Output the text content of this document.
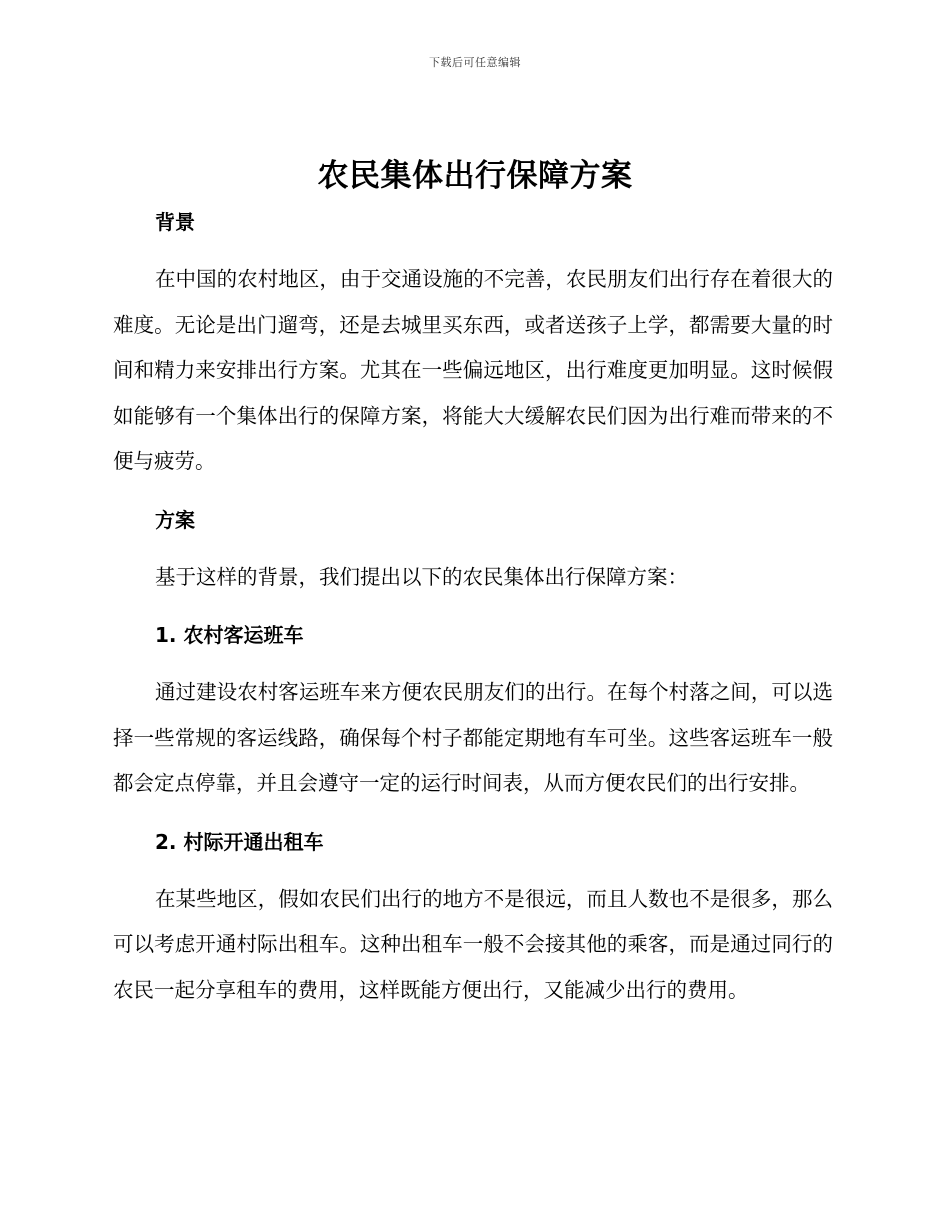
下载后可任意编辑
农民集体出行保障方案
背景

在中国的农村地区，由于交通设施的不完善，农民朋友们出行存在着很大的难度。无论是出门遛弯，还是去城里买东西，或者送孩子上学，都需要大量的时间和精力来安排出行方案。尤其在一些偏远地区，出行难度更加明显。这时候假如能够有一个集体出行的保障方案，将能大大缓解农民们因为出行难而带来的不便与疲劳。

方案

基于这样的背景，我们提出以下的农民集体出行保障方案：

1. 农村客运班车

通过建设农村客运班车来方便农民朋友们的出行。在每个村落之间，可以选择一些常规的客运线路，确保每个村子都能定期地有车可坐。这些客运班车一般都会定点停靠，并且会遵守一定的运行时间表，从而方便农民们的出行安排。

2. 村际开通出租车

在某些地区，假如农民们出行的地方不是很远，而且人数也不是很多，那么可以考虑开通村际出租车。这种出租车一般不会接其他的乘客，而是通过同行的农民一起分享租车的费用，这样既能方便出行，又能减少出行的费用。
